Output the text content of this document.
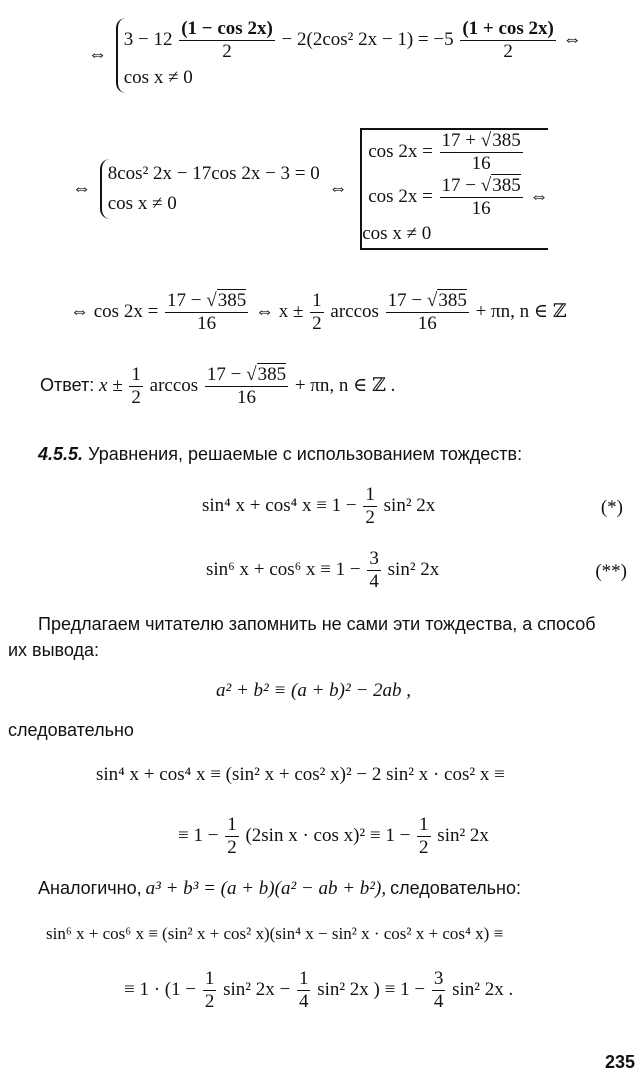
⇔
$3 - 12 \frac{(1 - \cos 2x)}{2} - 2(2\cos^2$ $2x - 1) = -5 \frac{(1 + \cos 2x)}{2}$ ⇔
cos x ≠ 0
⇔
8cos² 2x − 17cos 2x − 3 = 0
cos x ≠ 0
⇔
$\cos 2x = \frac{17 + √385}{16}$
$\cos 2x = \frac{17 - √385}{16}$ ⇔
cos x ≠ 0
⇔ $\cos 2x = \frac{17 - √385}{16}$ ⇔ $x \pm \frac{1}{2}$ $\arccos \frac{17 - √385}{16} + \pi n$, n ∈ ℤ
Ответ: $x \pm \frac{1}{2}$ $\arccos \frac{17 - √385}{16} + \pi n$, n ∈ ℤ .
4.5.5. Уравнения, решаемые с использованием тождеств:
sin⁴ x + cos⁴ $x \equiv 1 - \frac{1}{2} \sin^2$ 2x	(*)
sin⁶ x + cos⁶ $x \equiv 1 - \frac{3}{4} \sin^2$ 2x	(**)
Предлагаем читателю запомнить не сами эти тождества, а способ
их вывода:
a² + b² ≡ (a + b)² − 2ab ,
следовательно
sin⁴ x + cos⁴ x ≡ (sin² x + cos² x)² − 2 sin² x · cos² x ≡
≡ $1 - \frac{1}{2} (2\sin$ $x \cdot \cos x)^2 \equiv 1 - \frac{1}{2} \sin^2$ 2x
Аналогично, a³ + b³ = (a + b)(a² − ab + b²), следовательно:
sin⁶ x + cos⁶ x ≡ (sin² x + cos² x)(sin⁴ x − sin² x · cos² x + cos⁴ x) ≡
≡ $1 \cdot (1 - \frac{1}{2} \sin^2$ $2x - \frac{1}{4} \sin^2$ 2x ) ≡ $1 - \frac{3}{4} \sin^2$ 2x .
235
